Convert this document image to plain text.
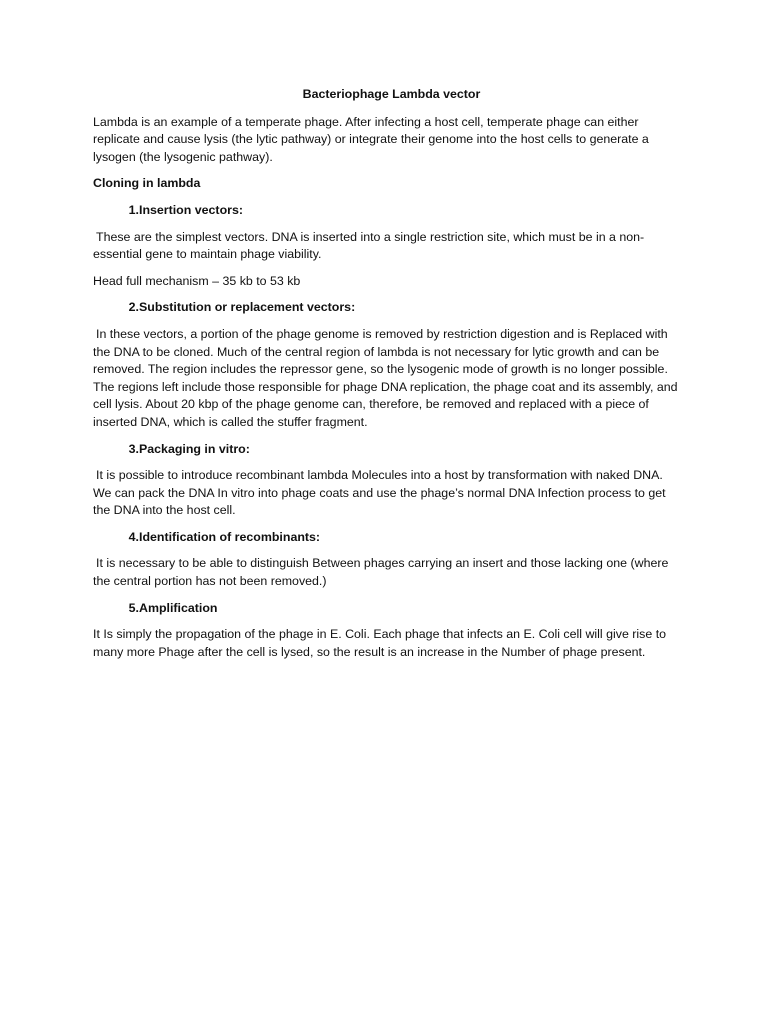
Bacteriophage Lambda vector

Lambda is an example of a temperate phage. After infecting a host cell, temperate phage can either replicate and cause lysis (the lytic pathway) or integrate their genome into the host cells to generate a lysogen (the lysogenic pathway).

Cloning in lambda
1. Insertion vectors:

These are the simplest vectors. DNA is inserted into a single restriction site, which must be in a non-essential gene to maintain phage viability.

Head full mechanism – 35 kb to 53 kb

2. Substitution or replacement vectors:

In these vectors, a portion of the phage genome is removed by restriction digestion and is Replaced with the DNA to be cloned. Much of the central region of lambda is not necessary for lytic growth and can be removed. The region includes the repressor gene, so the lysogenic mode of growth is no longer possible. The regions left include those responsible for phage DNA replication, the phage coat and its assembly, and cell lysis. About 20 kbp of the phage genome can, therefore, be removed and replaced with a piece of inserted DNA, which is called the stuffer fragment.

3. Packaging in vitro:

It is possible to introduce recombinant lambda Molecules into a host by transformation with naked DNA. We can pack the DNA In vitro into phage coats and use the phage’s normal DNA Infection process to get the DNA into the host cell.

4. Identification of recombinants:

It is necessary to be able to distinguish Between phages carrying an insert and those lacking one (where the central portion has not been removed.)

5. Amplification

It Is simply the propagation of the phage in E. Coli. Each phage that infects an E. Coli cell will give rise to many more Phage after the cell is lysed, so the result is an increase in the Number of phage present.
